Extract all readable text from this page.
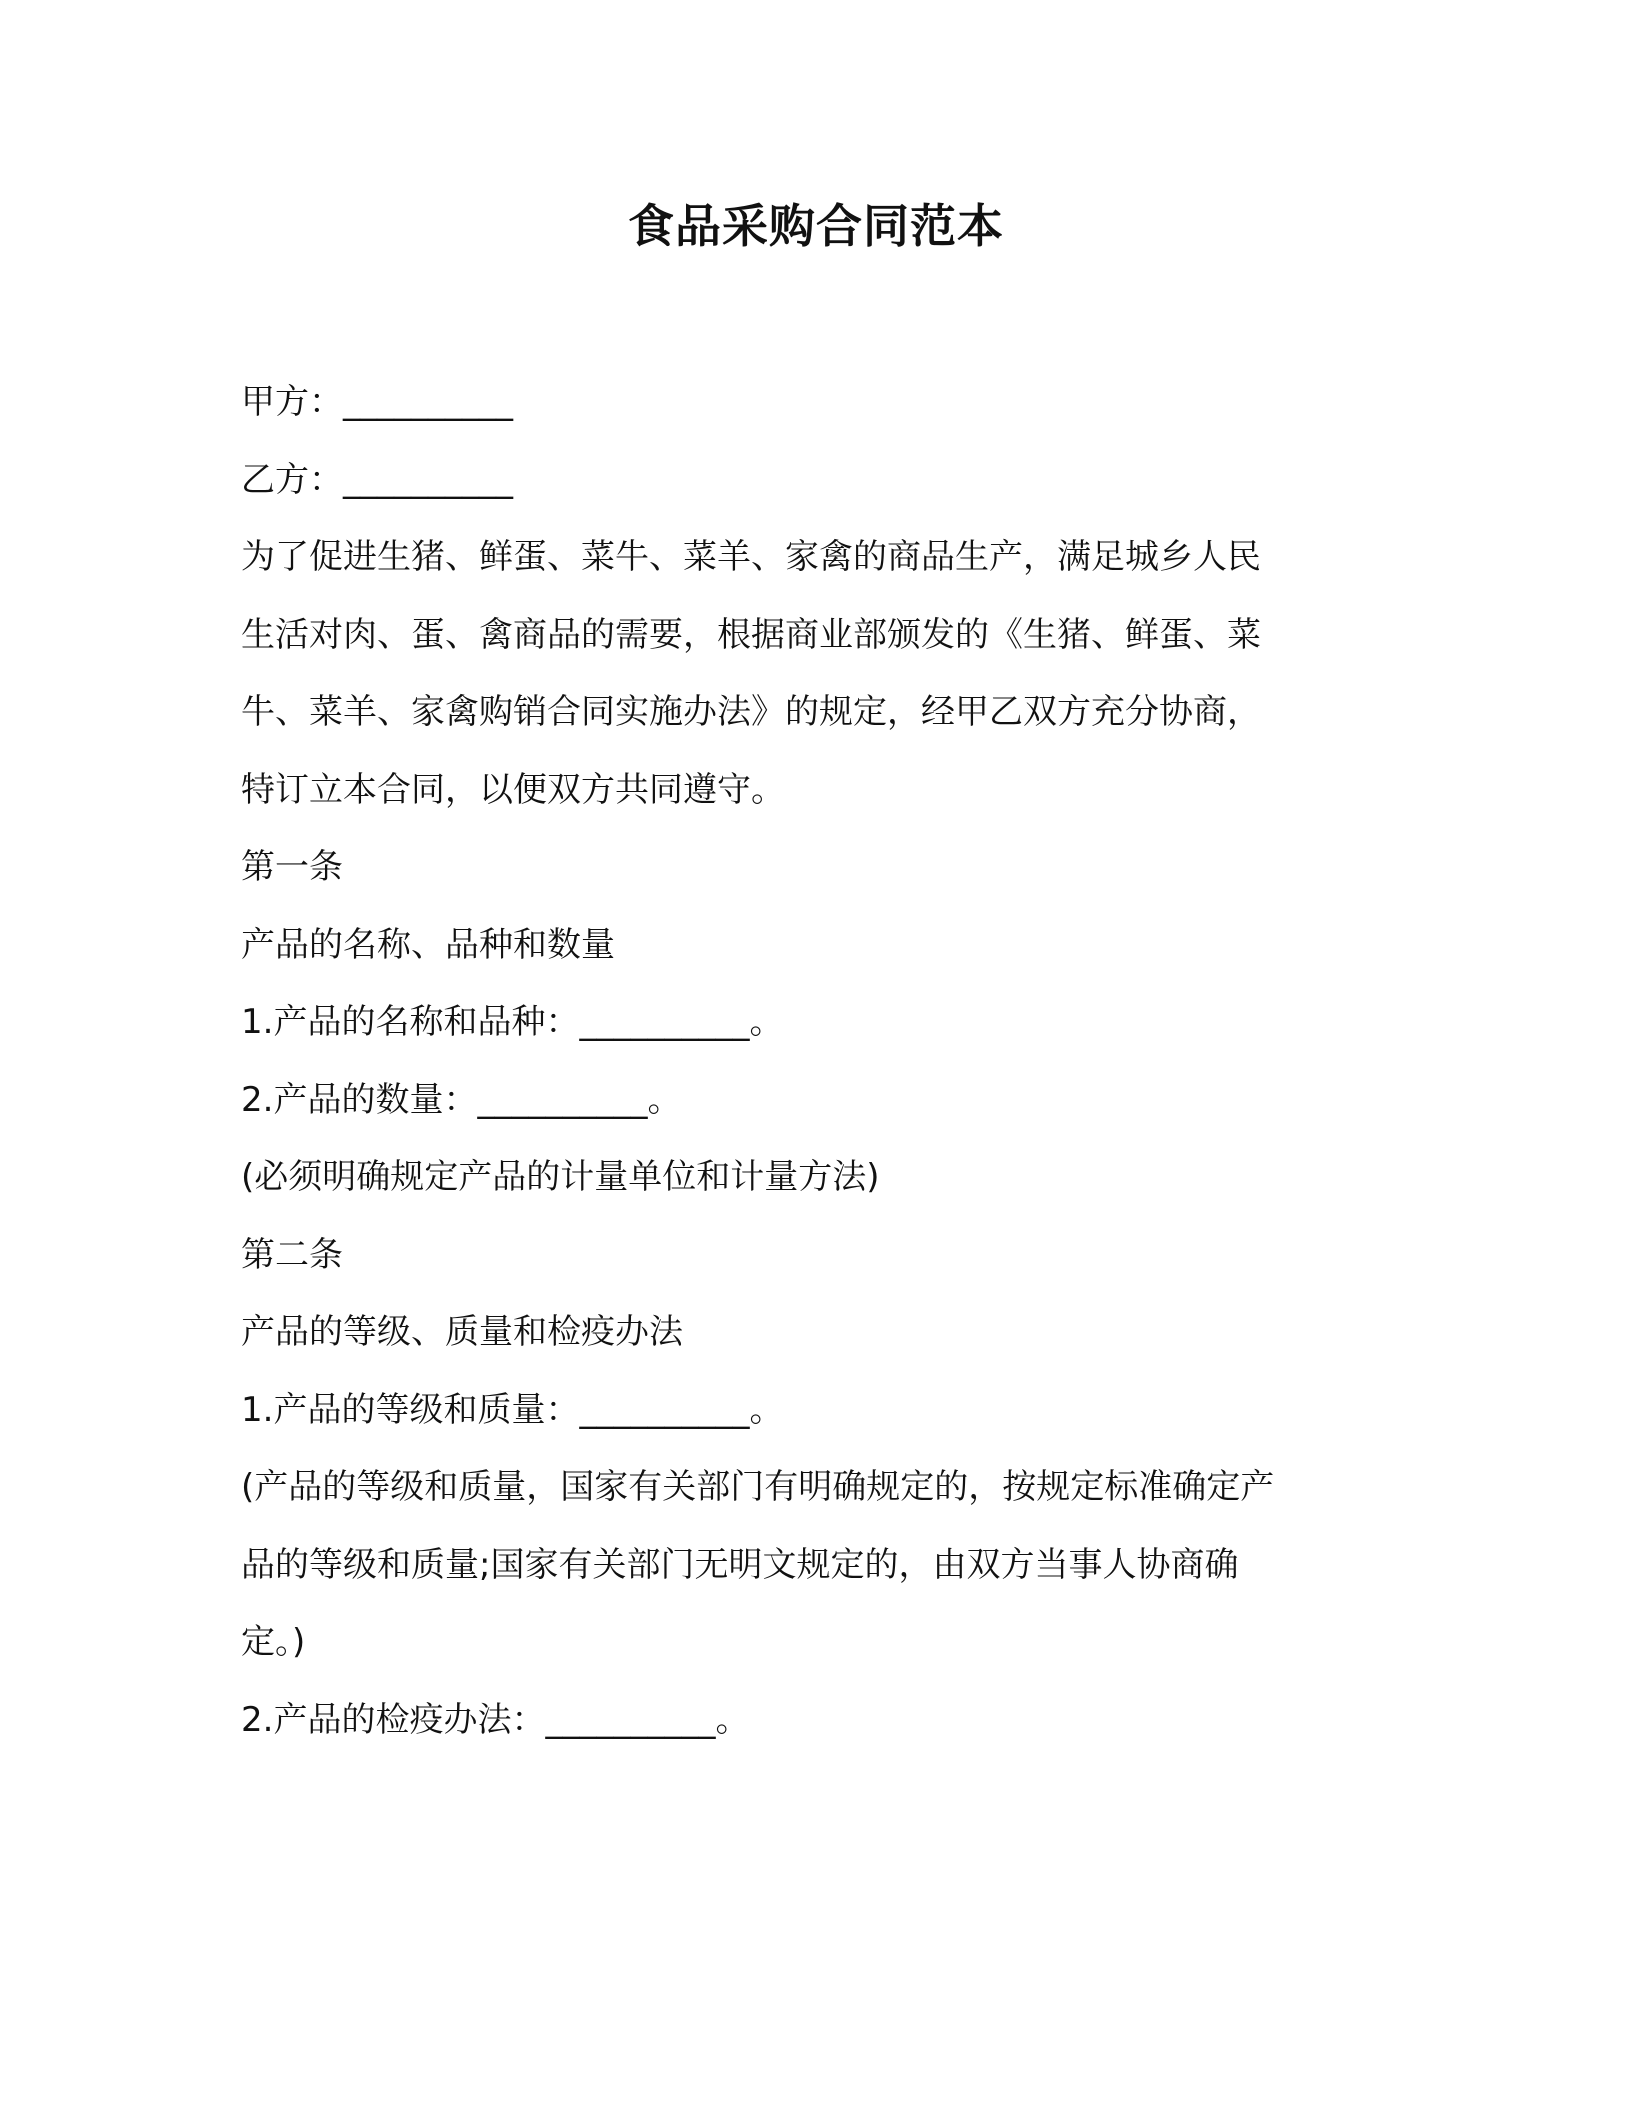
食品采购合同范本
甲方：__________
乙方：__________
为了促进生猪、鲜蛋、菜牛、菜羊、家禽的商品生产，满足城乡人民
生活对肉、蛋、禽商品的需要，根据商业部颁发的《生猪、鲜蛋、菜
牛、菜羊、家禽购销合同实施办法》的规定，经甲乙双方充分协商，
特订立本合同，以便双方共同遵守。
第一条
产品的名称、品种和数量
1.产品的名称和品种：__________。
2.产品的数量：__________。
(必须明确规定产品的计量单位和计量方法)
第二条
产品的等级、质量和检疫办法
1.产品的等级和质量：__________。
(产品的等级和质量，国家有关部门有明确规定的，按规定标准确定产
品的等级和质量;国家有关部门无明文规定的，由双方当事人协商确
定。)
2.产品的检疫办法：__________。
